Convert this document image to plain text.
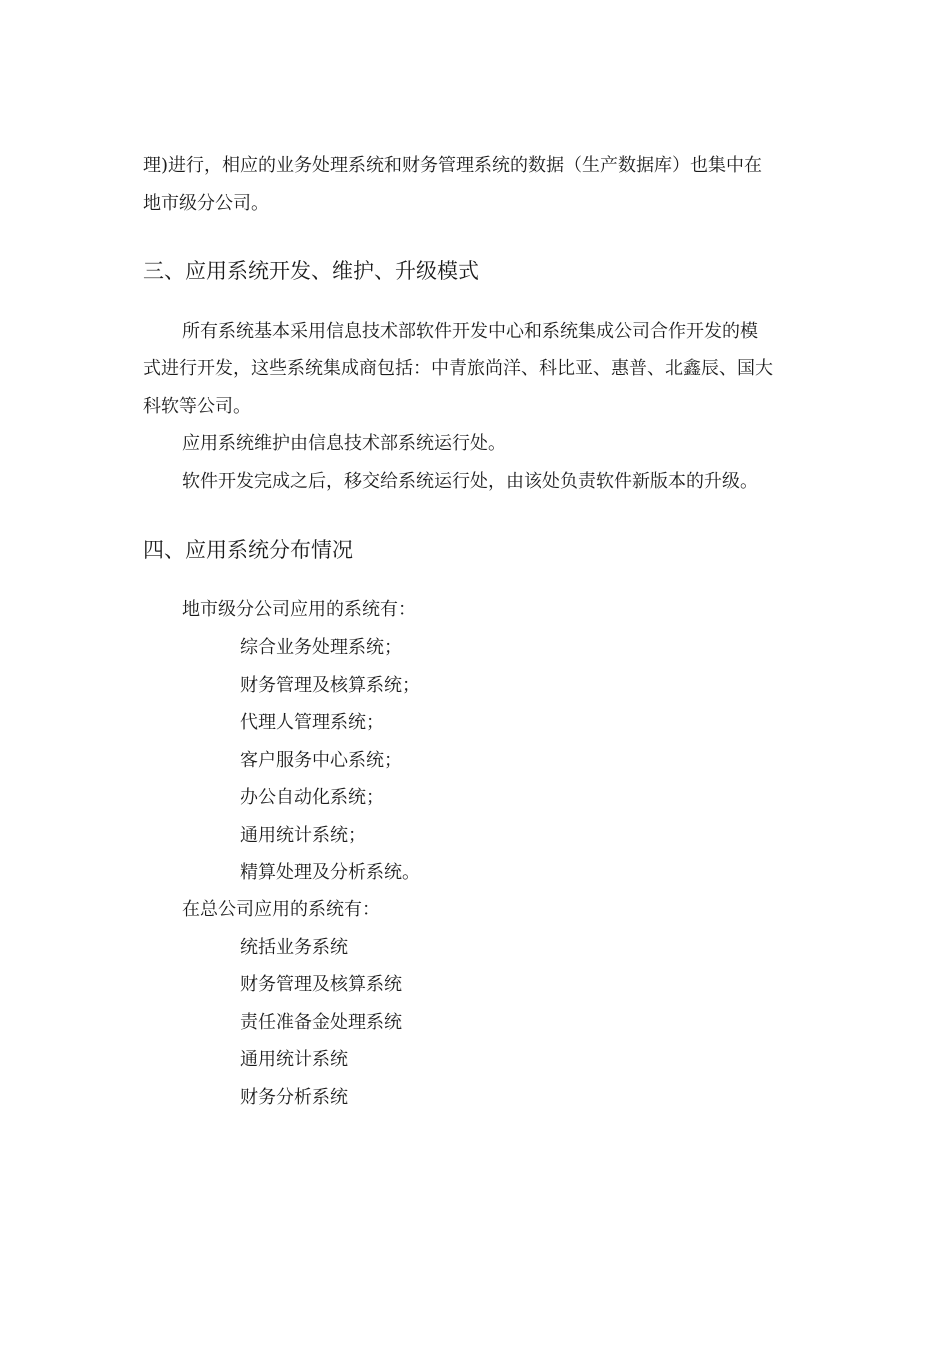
理)进行，相应的业务处理系统和财务管理系统的数据（生产数据库）也集中在
地市级分公司。
三、应用系统开发、维护、升级模式
所有系统基本采用信息技术部软件开发中心和系统集成公司合作开发的模
式进行开发，这些系统集成商包括：中青旅尚洋、科比亚、惠普、北鑫辰、国大
科软等公司。
应用系统维护由信息技术部系统运行处。
软件开发完成之后，移交给系统运行处，由该处负责软件新版本的升级。
四、应用系统分布情况
地市级分公司应用的系统有：
综合业务处理系统；
财务管理及核算系统；
代理人管理系统；
客户服务中心系统；
办公自动化系统；
通用统计系统；
精算处理及分析系统。
在总公司应用的系统有：
统括业务系统
财务管理及核算系统
责任准备金处理系统
通用统计系统
财务分析系统
